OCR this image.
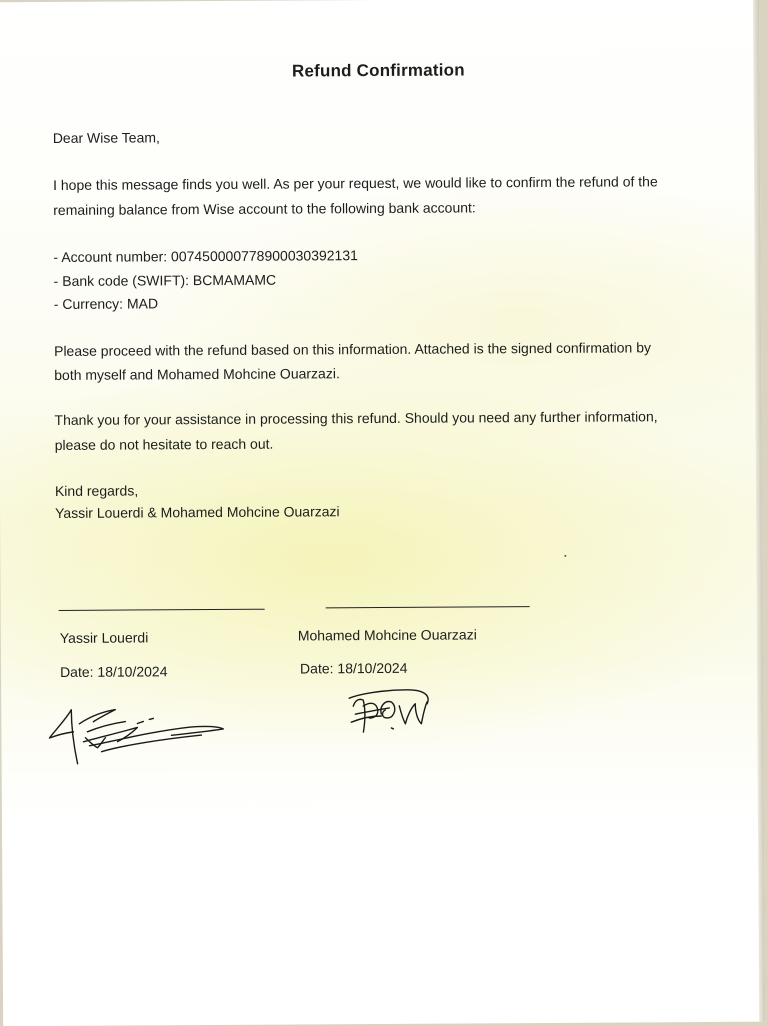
Refund Confirmation
Dear Wise Team,
I hope this message finds you well. As per your request, we would like to confirm the refund of the
remaining balance from Wise account to the following bank account:
- Account number: 007450000778900030392131
- Bank code (SWIFT): BCMAMAMC
- Currency: MAD
Please proceed with the refund based on this information. Attached is the signed confirmation by
both myself and Mohamed Mohcine Ouarzazi.
Thank you for your assistance in processing this refund. Should you need any further information,
please do not hesitate to reach out.
Kind regards,
Yassir Louerdi & Mohamed Mohcine Ouarzazi
Yassir Louerdi
Date: 18/10/2024
Mohamed Mohcine Ouarzazi
Date: 18/10/2024
